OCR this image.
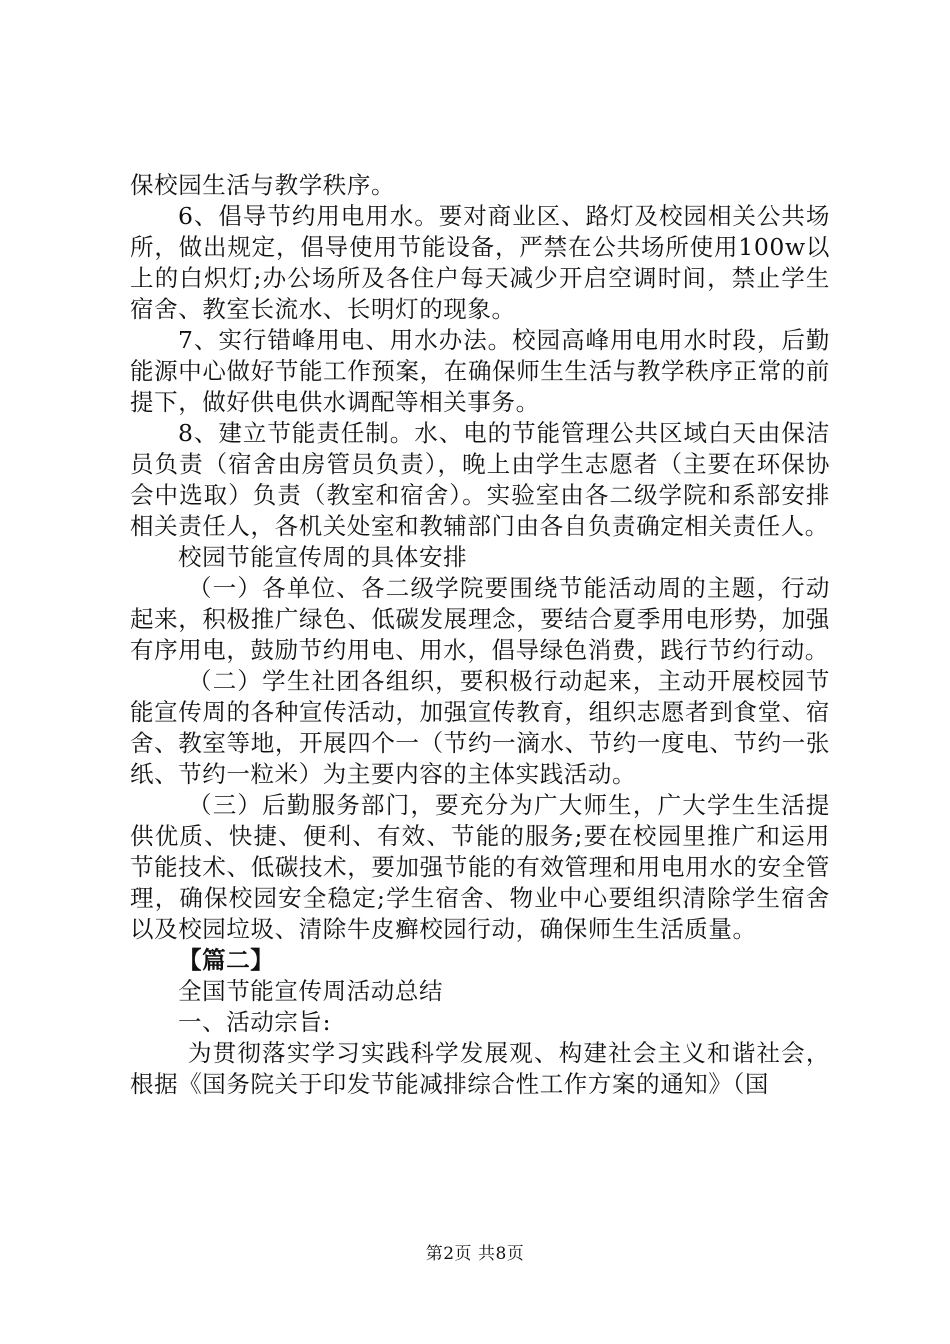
保校园生活与教学秩序。

6、倡导节约用电用水。要对商业区、路灯及校园相关公共场所，做出规定，倡导使用节能设备，严禁在公共场所使用100w以上的白炽灯;办公场所及各住户每天减少开启空调时间，禁止学生宿舍、教室长流水、长明灯的现象。

7、实行错峰用电、用水办法。校园高峰用电用水时段，后勤能源中心做好节能工作预案，在确保师生生活与教学秩序正常的前提下，做好供电供水调配等相关事务。

8、建立节能责任制。水、电的节能管理公共区域白天由保洁员负责（宿舍由房管员负责），晚上由学生志愿者（主要在环保协会中选取）负责（教室和宿舍）。实验室由各二级学院和系部安排相关责任人，各机关处室和教辅部门由各自负责确定相关责任人。

校园节能宣传周的具体安排

（一）各单位、各二级学院要围绕节能活动周的主题，行动起来，积极推广绿色、低碳发展理念，要结合夏季用电形势，加强有序用电，鼓励节约用电、用水，倡导绿色消费，践行节约行动。

（二）学生社团各组织，要积极行动起来，主动开展校园节能宣传周的各种宣传活动，加强宣传教育，组织志愿者到食堂、宿舍、教室等地，开展四个一（节约一滴水、节约一度电、节约一张纸、节约一粒米）为主要内容的主体实践活动。

（三）后勤服务部门，要充分为广大师生，广大学生生活提供优质、快捷、便利、有效、节能的服务;要在校园里推广和运用节能技术、低碳技术，要加强节能的有效管理和用电用水的安全管理，确保校园安全稳定;学生宿舍、物业中心要组织清除学生宿舍以及校园垃圾、清除牛皮癣校园行动，确保师生生活质量。

【篇二】

全国节能宣传周活动总结

一、活动宗旨:

为贯彻落实学习实践科学发展观、构建社会主义和谐社会，根据《国务院关于印发节能减排综合性工作方案的通知》（国

第2页 共8页
